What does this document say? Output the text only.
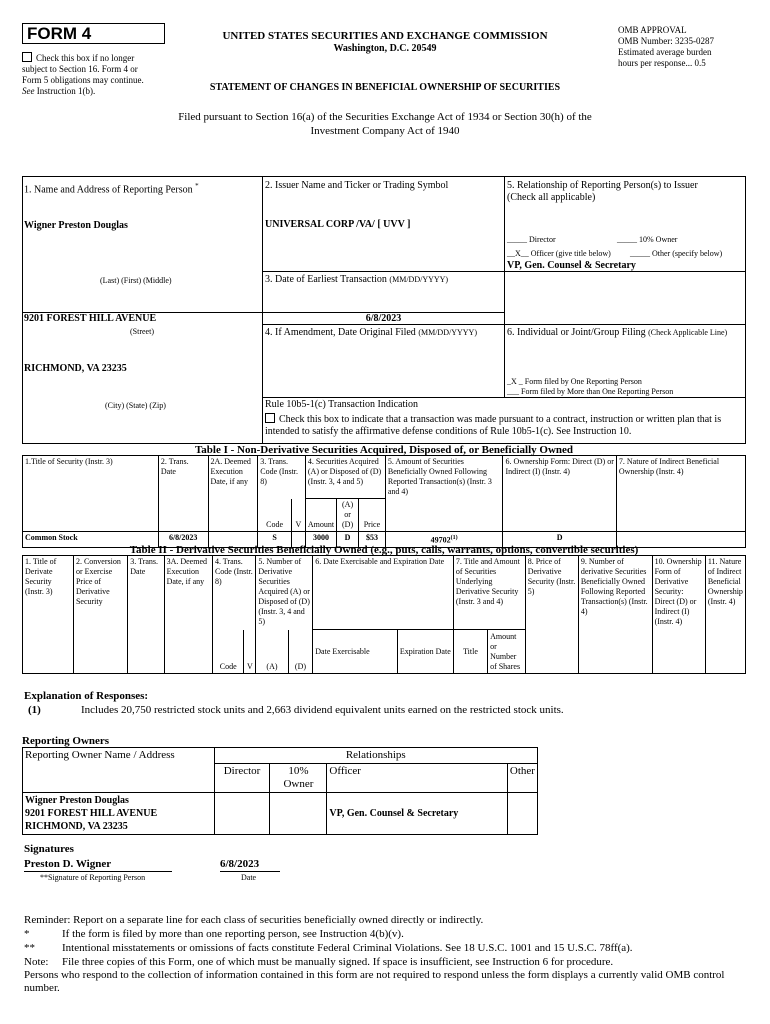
FORM 4
Check this box if no longer subject to Section 16. Form 4 or Form 5 obligations may continue. See Instruction 1(b).
UNITED STATES SECURITIES AND EXCHANGE COMMISSION
Washington, D.C. 20549
STATEMENT OF CHANGES IN BENEFICIAL OWNERSHIP OF SECURITIES
OMB APPROVAL
OMB Number: 3235-0287
Estimated average burden
hours per response... 0.5
Filed pursuant to Section 16(a) of the Securities Exchange Act of 1934 or Section 30(h) of the
Investment Company Act of 1940
1. Name and Address of Reporting Person *
Wigner Preston Douglas
(Last) (First) (Middle)
9201 FOREST HILL AVENUE
(Street)
RICHMOND, VA 23235
(City) (State) (Zip)
2. Issuer Name and Ticker or Trading Symbol
UNIVERSAL CORP /VA/ [ UVV ]
3. Date of Earliest Transaction (MM/DD/YYYY)
6/8/2023
4. If Amendment, Date Original Filed (MM/DD/YYYY)
Rule 10b5-1(c) Transaction Indication
Check this box to indicate that a transaction was made pursuant to a contract, instruction or written plan that is intended to satisfy the affirmative defense conditions of Rule 10b5-1(c). See Instruction 10.
5. Relationship of Reporting Person(s) to Issuer
(Check all applicable)
_____ Director	_____ 10% Owner
__X__ Officer (give title below) _____ Other (specify below)
VP, Gen. Counsel & Secretary
6. Individual or Joint/Group Filing (Check Applicable Line)
_X _ Form filed by One Reporting Person
___ Form filed by More than One Reporting Person
Table I - Non-Derivative Securities Acquired, Disposed of, or Beneficially Owned
1.Title of Security (Instr. 3)	2. Trans. Date	2A. Deemed Execution Date, if any	3. Trans. Code (Instr. 8)		4. Securities Acquired (A) or Disposed of (D) (Instr. 3, 4 and 5)			5. Amount of Securities Beneficially Owned Following Reported Transaction(s) (Instr. 3 and 4)	6. Ownership Form: Direct (D) or Indirect (I) (Instr. 4)	7. Nature of Indirect Beneficial Ownership (Instr. 4)
			Code	V	Amount	(A) or (D)	Price			
Common Stock	6/8/2023		S		3000	D	$53	49702$^{(1)}$	D	
Table II - Derivative Securities Beneficially Owned (e.g., puts, calls, warrants, options, convertible securities)
1. Title of Derivate Security (Instr. 3)	2. Conversion or Exercise Price of Derivative Security	3. Trans. Date	3A. Deemed Execution Date, if any	4. Trans. Code (Instr. 8)		5. Number of Derivative Securities Acquired (A) or Disposed of (D) (Instr. 3, 4 and 5)		6. Date Exercisable and Expiration Date		7. Title and Amount of Securities Underlying Derivative Security (Instr. 3 and 4)		8. Price of Derivative Security (Instr. 5)	9. Number of derivative Securities Beneficially Owned Following Reported Transaction(s) (Instr. 4)	10. Ownership Form of Derivative Security: Direct (D) or Indirect (I) (Instr. 4)	11. Nature of Indirect Beneficial Ownership (Instr. 4)
				Code	V	(A)	(D)	Date Exercisable	Expiration Date	Title	Amount or Number of Shares				
Explanation of Responses:
(1)	Includes 20,750 restricted stock units and 2,663 dividend equivalent units earned on the restricted stock units.
Reporting Owners
Reporting Owner Name / Address	Relationships			
	Director	10% Owner	Officer	Other

Wigner Preston Douglas
9201 FOREST HILL AVENUE
RICHMOND, VA 23235			VP, Gen. Counsel & Secretary	
Signatures
Preston D. Wigner	6/8/2023
**Signature of Reporting Person	Date
Reminder: Report on a separate line for each class of securities beneficially owned directly or indirectly.
*	If the form is filed by more than one reporting person, see Instruction 4(b)(v).
** Intentional misstatements or omissions of facts constitute Federal Criminal Violations. See 18 U.S.C. 1001 and 15 U.S.C. 78ff(a).
Note: File three copies of this Form, one of which must be manually signed. If space is insufficient, see Instruction 6 for procedure.
Persons who respond to the collection of information contained in this form are not required to respond unless the form displays a currently valid OMB control number.
